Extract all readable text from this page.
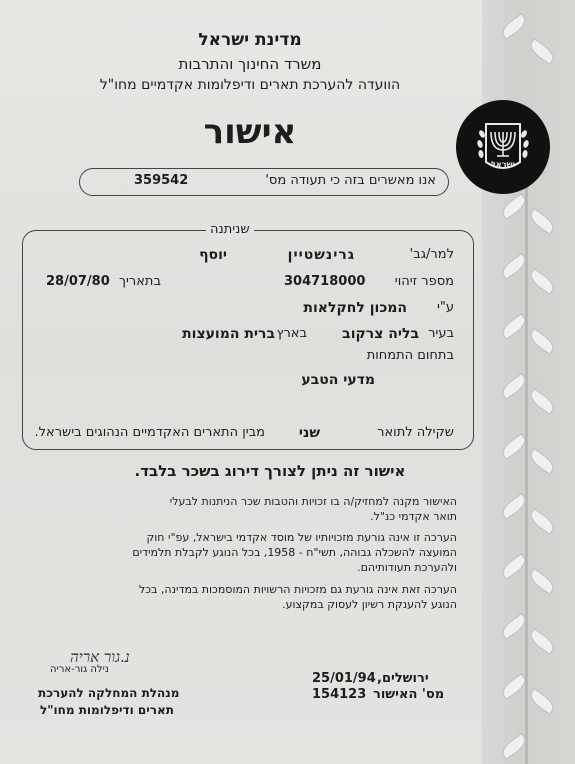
ישראל
מדינת ישראל
משרד החינוך והתרבות
הוועדה להערכת תארים ודיפלומות אקדמיים מחו"ל
אישור
אנו מאשרים בזה כי תעודה מס'
359542
שניתנה
למר/גב'
גרינשטיין
יוסף
מספר זיהוי
304718000
בתאריך
28/07/80
ע"י
המכון לחקלאות
בעיר
בליה צרקוב
בארץ
ברית המועצות
בתחום התמחות
מדעי הטבע
שקילה לתואר
שני
מבין התארים האקדמיים הנהוגים בישראל.
אישור זה ניתן לצורך דירוג בשכר בלבד.
האישור מקנה למחזיק/ה בו זכויות והטבות שכר הניתנות לבעלי
תואר אקדמי כנ"ל.
הערכה זו אינה גורעת מזכויותיו של מוסד אקדמי בישראל, עפ"י חוק
המועצה להשכלה גבוהה, תשי"ח - 1958, בכל הנוגע לקבלת תלמידים
ולהערכת תעודותיהם.
הערכה זאת אינה גורעת גם מזכויות הרשויות המוסמכות במדינה, בכל
הנוגע להענקת רשיון לעסוק במקצוע.
ירושלים,
25/01/94
מס' האישור
154123
נ.גור אריה
נילה גור-אריה
מנהלת המחלקה להערכת
תארים ודיפלומות מחו"ל
